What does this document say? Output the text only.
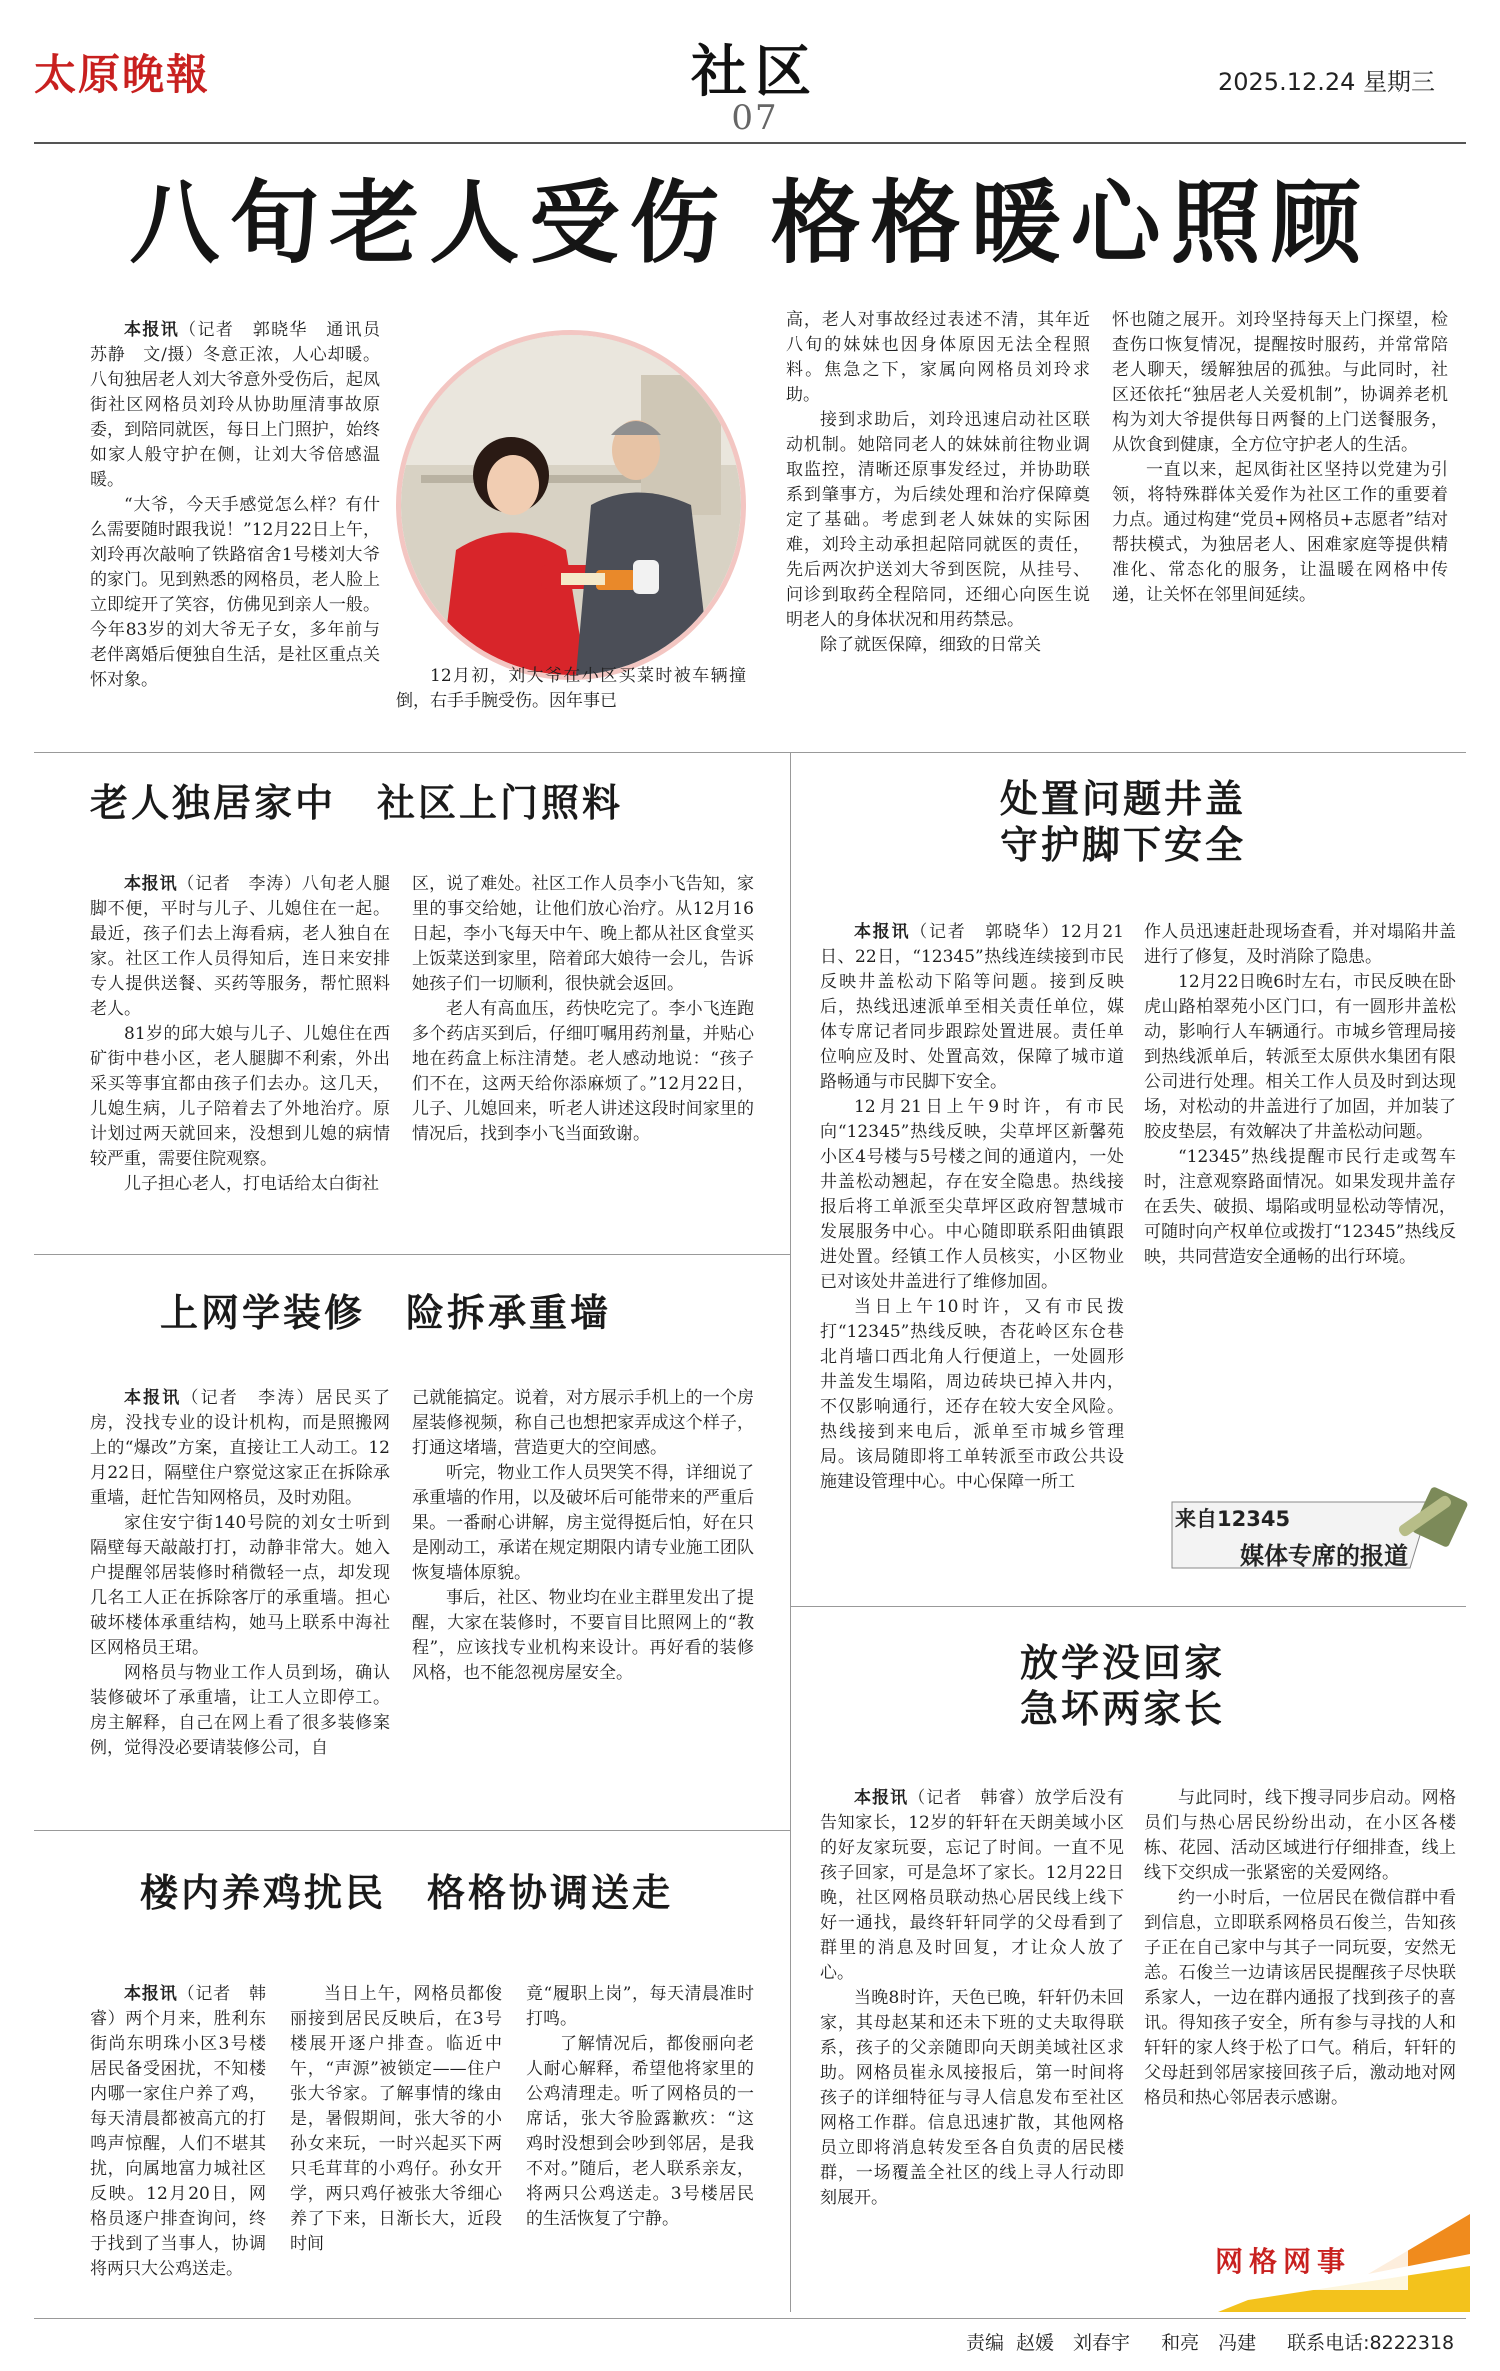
太原晚報	社区
07
2025.12.24 星期三
八旬老人受伤 格格暖心照顾

本报讯（记者　郭晓华　通讯员　苏静　文/摄）冬意正浓，人心却暖。八旬独居老人刘大爷意外受伤后，起凤街社区网格员刘玲从协助厘清事故原委，到陪同就医，每日上门照护，始终如家人般守护在侧，让刘大爷倍感温暖。

“大爷，今天手感觉怎么样？有什么需要随时跟我说！”12月22日上午，刘玲再次敲响了铁路宿舍1号楼刘大爷的家门。见到熟悉的网格员，老人脸上立即绽开了笑容，仿佛见到亲人一般。今年83岁的刘大爷无子女，多年前与老伴离婚后便独自生活，是社区重点关怀对象。	12月初，刘大爷在小区买菜时被车辆撞倒，右手手腕受伤。因年事已

高，老人对事故经过表述不清，其年近八旬的妹妹也因身体原因无法全程照料。焦急之下，家属向网格员刘玲求助。

接到求助后，刘玲迅速启动社区联动机制。她陪同老人的妹妹前往物业调取监控，清晰还原事发经过，并协助联系到肇事方，为后续处理和治疗保障奠定了基础。考虑到老人妹妹的实际困难，刘玲主动承担起陪同就医的责任，先后两次护送刘大爷到医院，从挂号、问诊到取药全程陪同，还细心向医生说明老人的身体状况和用药禁忌。

除了就医保障，细致的日常关

怀也随之展开。刘玲坚持每天上门探望，检查伤口恢复情况，提醒按时服药，并常常陪老人聊天，缓解独居的孤独。与此同时，社区还依托“独居老人关爱机制”，协调养老机构为刘大爷提供每日两餐的上门送餐服务，从饮食到健康，全方位守护老人的生活。

一直以来，起凤街社区坚持以党建为引领，将特殊群体关爱作为社区工作的重要着力点。通过构建“党员+网格员+志愿者”结对帮扶模式，为独居老人、困难家庭等提供精准化、常态化的服务，让温暖在网格中传递，让关怀在邻里间延续。

老人独居家中　社区上门照料

本报讯（记者　李涛）八旬老人腿脚不便，平时与儿子、儿媳住在一起。最近，孩子们去上海看病，老人独自在家。社区工作人员得知后，连日来安排专人提供送餐、买药等服务，帮忙照料老人。

81岁的邱大娘与儿子、儿媳住在西矿街中巷小区，老人腿脚不利索，外出采买等事宜都由孩子们去办。这几天，儿媳生病，儿子陪着去了外地治疗。原计划过两天就回来，没想到儿媳的病情较严重，需要住院观察。

儿子担心老人，打电话给太白街社

区，说了难处。社区工作人员李小飞告知，家里的事交给她，让他们放心治疗。从12月16日起，李小飞每天中午、晚上都从社区食堂买上饭菜送到家里，陪着邱大娘待一会儿，告诉她孩子们一切顺利，很快就会返回。

老人有高血压，药快吃完了。李小飞连跑多个药店买到后，仔细叮嘱用药剂量，并贴心地在药盒上标注清楚。老人感动地说：“孩子们不在，这两天给你添麻烦了。”12月22日，儿子、儿媳回来，听老人讲述这段时间家里的情况后，找到李小飞当面致谢。

上网学装修　险拆承重墙

本报讯（记者　李涛）居民买了房，没找专业的设计机构，而是照搬网上的“爆改”方案，直接让工人动工。12月22日，隔壁住户察觉这家正在拆除承重墙，赶忙告知网格员，及时劝阻。

家住安宁街140号院的刘女士听到隔壁每天敲敲打打，动静非常大。她入户提醒邻居装修时稍微轻一点，却发现几名工人正在拆除客厅的承重墙。担心破坏楼体承重结构，她马上联系中海社区网格员王珺。

网格员与物业工作人员到场，确认装修破坏了承重墙，让工人立即停工。房主解释，自己在网上看了很多装修案例，觉得没必要请装修公司，自

己就能搞定。说着，对方展示手机上的一个房屋装修视频，称自己也想把家弄成这个样子，打通这堵墙，营造更大的空间感。

听完，物业工作人员哭笑不得，详细说了承重墙的作用，以及破坏后可能带来的严重后果。一番耐心讲解，房主觉得挺后怕，好在只是刚动工，承诺在规定期限内请专业施工团队恢复墙体原貌。

事后，社区、物业均在业主群里发出了提醒，大家在装修时，不要盲目比照网上的“教程”，应该找专业机构来设计。再好看的装修风格，也不能忽视房屋安全。

楼内养鸡扰民　格格协调送走

本报讯（记者　韩睿）两个月来，胜利东街尚东明珠小区3号楼居民备受困扰，不知楼内哪一家住户养了鸡，每天清晨都被高亢的打鸣声惊醒，人们不堪其扰，向属地富力城社区反映。12月20日，网格员逐户排查询问，终于找到了当事人，协调将两只大公鸡送走。

当日上午，网格员都俊丽接到居民反映后，在3号楼展开逐户排查。临近中午，“声源”被锁定——住户张大爷家。了解事情的缘由是，暑假期间，张大爷的小孙女来玩，一时兴起买下两只毛茸茸的小鸡仔。孙女开学，两只鸡仔被张大爷细心养了下来，日渐长大，近段时间

竟“履职上岗”，每天清晨准时打鸣。

了解情况后，都俊丽向老人耐心解释，希望他将家里的公鸡清理走。听了网格员的一席话，张大爷脸露歉疚：“这鸡时没想到会吵到邻居，是我不对。”随后，老人联系亲友，将两只公鸡送走。3号楼居民的生活恢复了宁静。

处置问题井盖
守护脚下安全

本报讯（记者　郭晓华）12月21日、22日，“12345”热线连续接到市民反映井盖松动下陷等问题。接到反映后，热线迅速派单至相关责任单位，媒体专席记者同步跟踪处置进展。责任单位响应及时、处置高效，保障了城市道路畅通与市民脚下安全。

12月21日上午9时许，有市民向“12345”热线反映，尖草坪区新馨苑小区4号楼与5号楼之间的通道内，一处井盖松动翘起，存在安全隐患。热线接报后将工单派至尖草坪区政府智慧城市发展服务中心。中心随即联系阳曲镇跟进处置。经镇工作人员核实，小区物业已对该处井盖进行了维修加固。

当日上午10时许，又有市民拨打“12345”热线反映，杏花岭区东仓巷北肖墙口西北角人行便道上，一处圆形井盖发生塌陷，周边砖块已掉入井内，不仅影响通行，还存在较大安全风险。热线接到来电后，派单至市城乡管理局。该局随即将工单转派至市政公共设施建设管理中心。中心保障一所工

作人员迅速赶赴现场查看，并对塌陷井盖进行了修复，及时消除了隐患。

12月22日晚6时左右，市民反映在卧虎山路柏翠苑小区门口，有一圆形井盖松动，影响行人车辆通行。市城乡管理局接到热线派单后，转派至太原供水集团有限公司进行处理。相关工作人员及时到达现场，对松动的井盖进行了加固，并加装了胶皮垫层，有效解决了井盖松动问题。

“12345”热线提醒市民行走或驾车时，注意观察路面情况。如果发现井盖存在丢失、破损、塌陷或明显松动等情况，可随时向产权单位或拨打“12345”热线反映，共同营造安全通畅的出行环境。

来自12345
媒体专席的报道
放学没回家
急坏两家长

本报讯（记者　韩睿）放学后没有告知家长，12岁的轩轩在天朗美域小区的好友家玩耍，忘记了时间。一直不见孩子回家，可是急坏了家长。12月22日晚，社区网格员联动热心居民线上线下好一通找，最终轩轩同学的父母看到了群里的消息及时回复，才让众人放了心。

当晚8时许，天色已晚，轩轩仍未回家，其母赵某和还未下班的丈夫取得联系，孩子的父亲随即向天朗美域社区求助。网格员崔永凤接报后，第一时间将孩子的详细特征与寻人信息发布至社区网格工作群。信息迅速扩散，其他网格员立即将消息转发至各自负责的居民楼群，一场覆盖全社区的线上寻人行动即刻展开。

与此同时，线下搜寻同步启动。网格员们与热心居民纷纷出动，在小区各楼栋、花园、活动区域进行仔细排查，线上线下交织成一张紧密的关爱网络。

约一小时后，一位居民在微信群中看到信息，立即联系网格员石俊兰，告知孩子正在自己家中与其子一同玩耍，安然无恙。石俊兰一边请该居民提醒孩子尽快联系家人，一边在群内通报了找到孩子的喜讯。得知孩子安全，所有参与寻找的人和轩轩的家人终于松了口气。稍后，轩轩的父母赶到邻居家接回孩子后，激动地对网格员和热心邻居表示感谢。

网格网事
责编 赵媛　刘春宇　 和亮　冯建　 联系电话:8222318
